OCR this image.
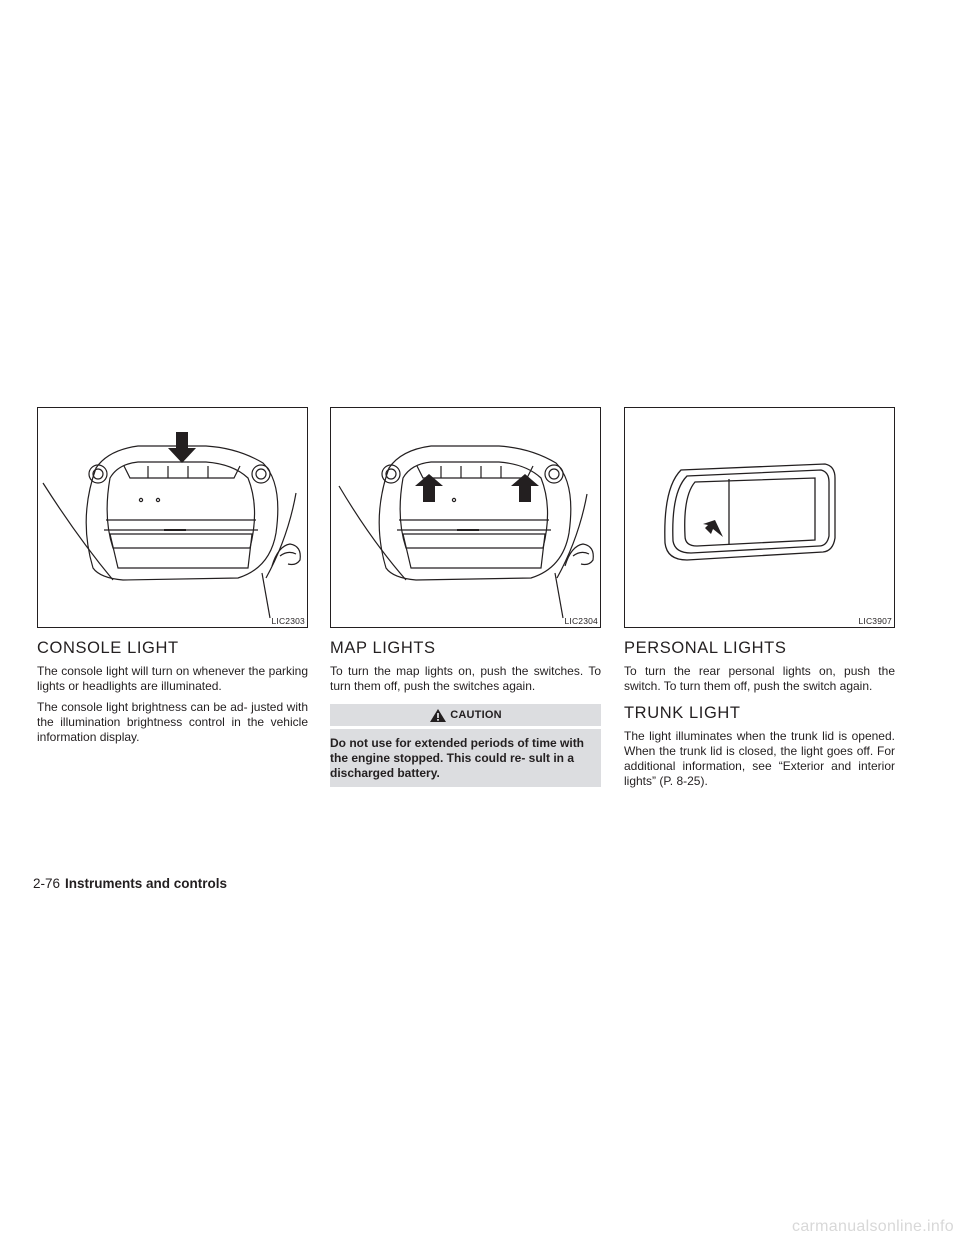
LIC2303
CONSOLE LIGHT

The console light will turn on whenever the parking lights or headlights are illuminated.

The console light brightness can be ad- justed with the illumination brightness control in the vehicle information display.

LIC2304
MAP LIGHTS

To turn the map lights on, push the switches. To turn them off, push the switches again.

CAUTION
Do not use for extended periods of time with the engine stopped. This could re- sult in a discharged battery.
LIC3907
PERSONAL LIGHTS

To turn the rear personal lights on, push the switch. To turn them off, push the switch again.

TRUNK LIGHT

The light illuminates when the trunk lid is opened. When the trunk lid is closed, the light goes off. For additional information, see “Exterior and interior lights” (P. 8-25).

2-76 Instruments and controls
carmanualsonline.info
